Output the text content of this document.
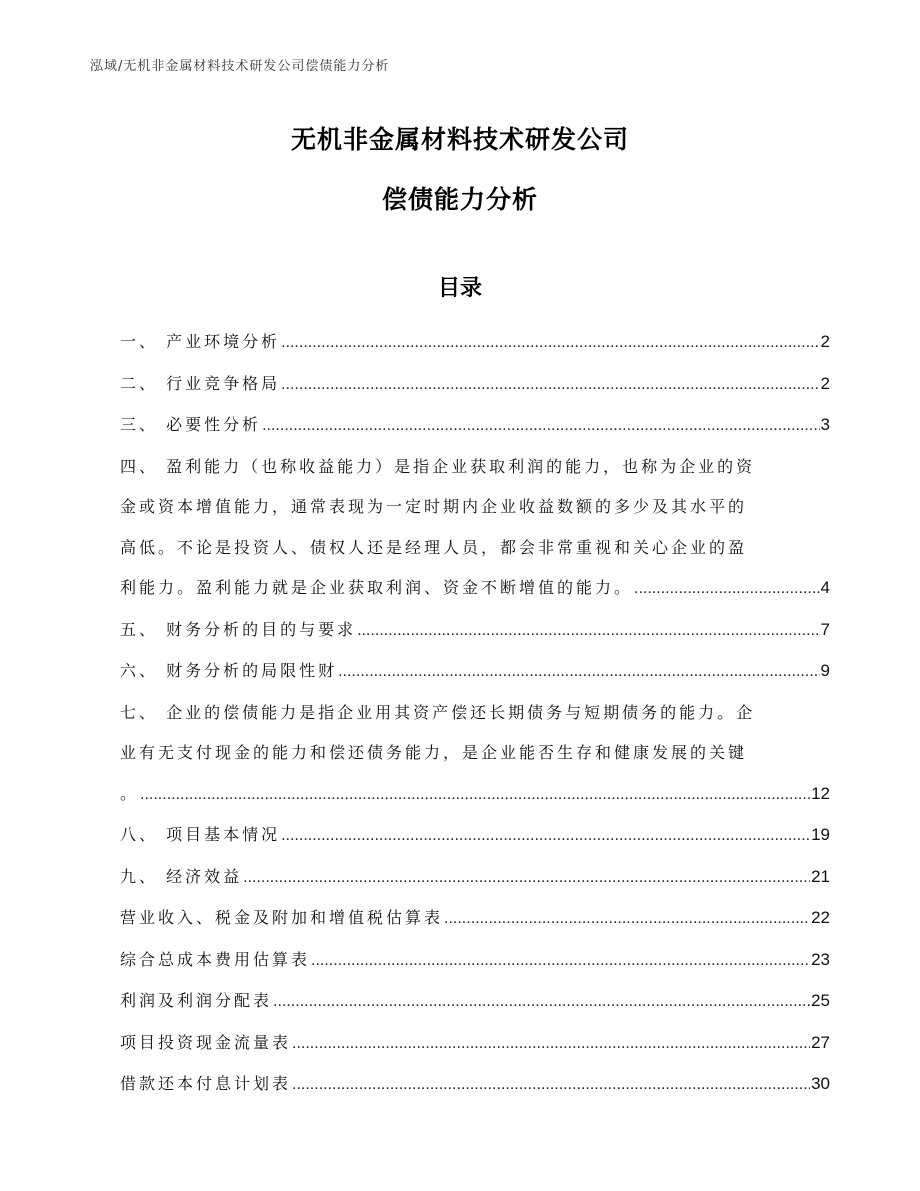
泓域/无机非金属材料技术研发公司偿债能力分析
无机非金属材料技术研发公司
偿债能力分析
目录
一、 产业环境分析 .....	2
二、 行业竞争格局 .....	2
三、 必要性分析 .....	3
四、 盈利能力（也称收益能力）是指企业获取利润的能力，也称为企业的资
金或资本增值能力，通常表现为一定时期内企业收益数额的多少及其水平的
高低。不论是投资人、债权人还是经理人员，都会非常重视和关心企业的盈
利能力。盈利能力就是企业获取利润、资金不断增值的能力。 .....	4
五、 财务分析的目的与要求 .....	7
六、 财务分析的局限性财 .....	9
七、 企业的偿债能力是指企业用其资产偿还长期债务与短期债务的能力。企
业有无支付现金的能力和偿还债务能力，是企业能否生存和健康发展的关键
。 .....	12
八、 项目基本情况 .....	19
九、 经济效益 .....	21
营业收入、税金及附加和增值税估算表 .....	22
综合总成本费用估算表 .....	23
利润及利润分配表 .....	25
项目投资现金流量表 .....	27
借款还本付息计划表 .....	30
